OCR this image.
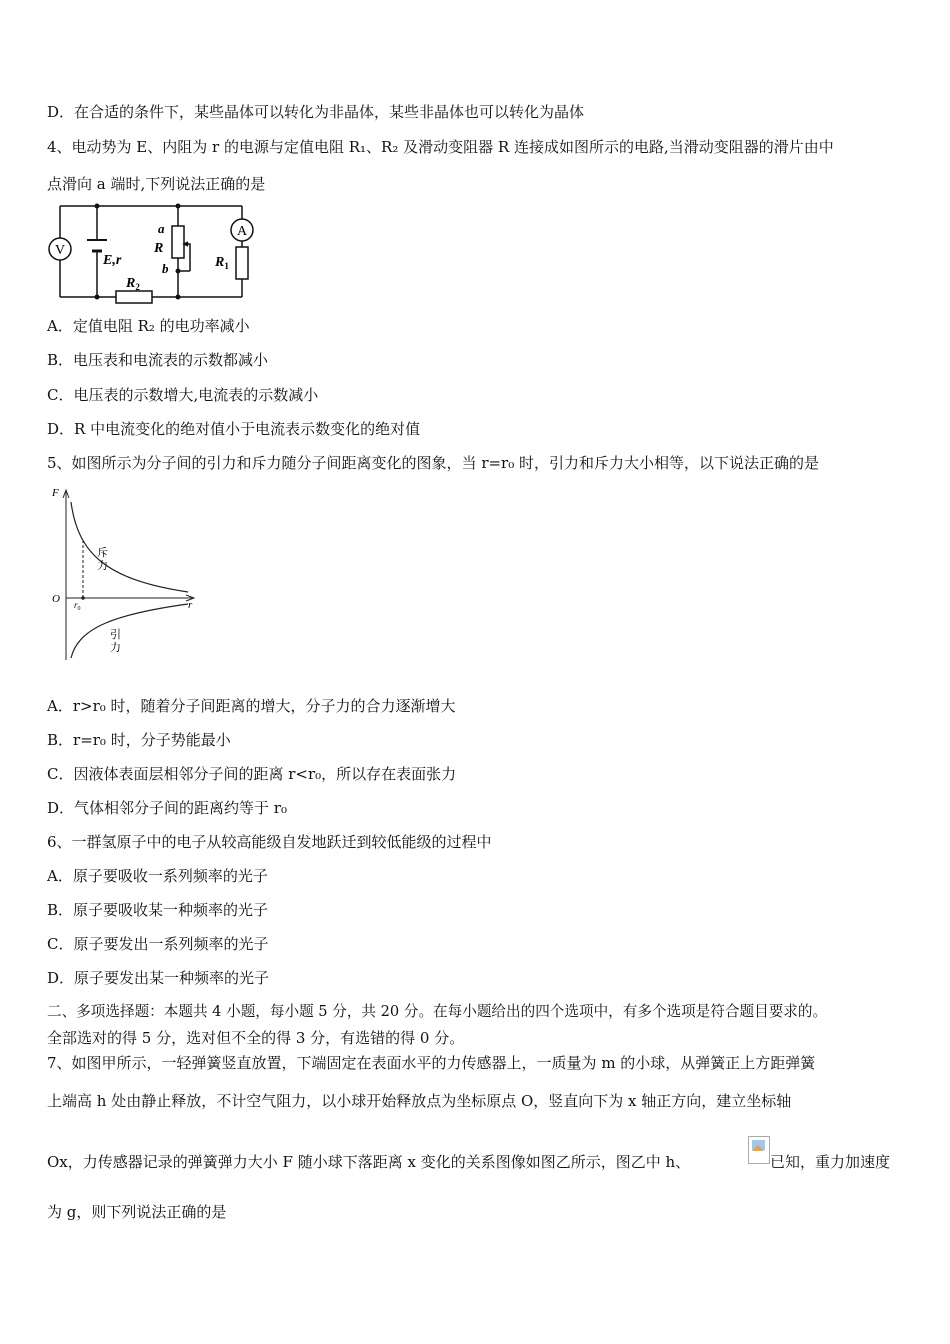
D．在合适的条件下，某些晶体可以转化为非晶体，某些非晶体也可以转化为晶体
4、电动势为 E、内阻为 r 的电源与定值电阻 R₁、R₂ 及滑动变阻器 R 连接成如图所示的电路,当滑动变阻器的滑片由中
点滑向 a 端时,下列说法正确的是
V
A
E,r
a
R
b	$R_1$
$R_2$
A．定值电阻 R₂ 的电功率减小
B．电压表和电流表的示数都减小
C．电压表的示数增大,电流表的示数减小
D．R 中电流变化的绝对值小于电流表示数变化的绝对值
5、如图所示为分子间的引力和斥力随分子间距离变化的图象，当 r=r₀ 时，引力和斥力大小相等，以下说法正确的是
F
O	r
$r_0$
斥
力
引
力
A．r>r₀ 时，随着分子间距离的增大，分子力的合力逐渐增大
B．r=r₀ 时，分子势能最小
C．因液体表面层相邻分子间的距离 r<r₀，所以存在表面张力
D．气体相邻分子间的距离约等于 r₀
6、一群氢原子中的电子从较高能级自发地跃迁到较低能级的过程中
A．原子要吸收一系列频率的光子
B．原子要吸收某一种频率的光子
C．原子要发出一系列频率的光子
D．原子要发出某一种频率的光子
二、多项选择题：本题共 4 小题，每小题 5 分，共 20 分。在每小题给出的四个选项中，有多个选项是符合题目要求的。
全部选对的得 5 分，选对但不全的得 3 分，有选错的得 0 分。
7、如图甲所示，一轻弹簧竖直放置，下端固定在表面水平的力传感器上，一质量为 m 的小球，从弹簧正上方距弹簧
上端高 h 处由静止释放，不计空气阻力，以小球开始释放点为坐标原点 O，竖直向下为 x 轴正方向，建立坐标轴
Ox，力传感器记录的弹簧弹力大小 F 随小球下落距离 x 变化的关系图像如图乙所示，图乙中 h、	已知，重力加速度
为 g，则下列说法正确的是
